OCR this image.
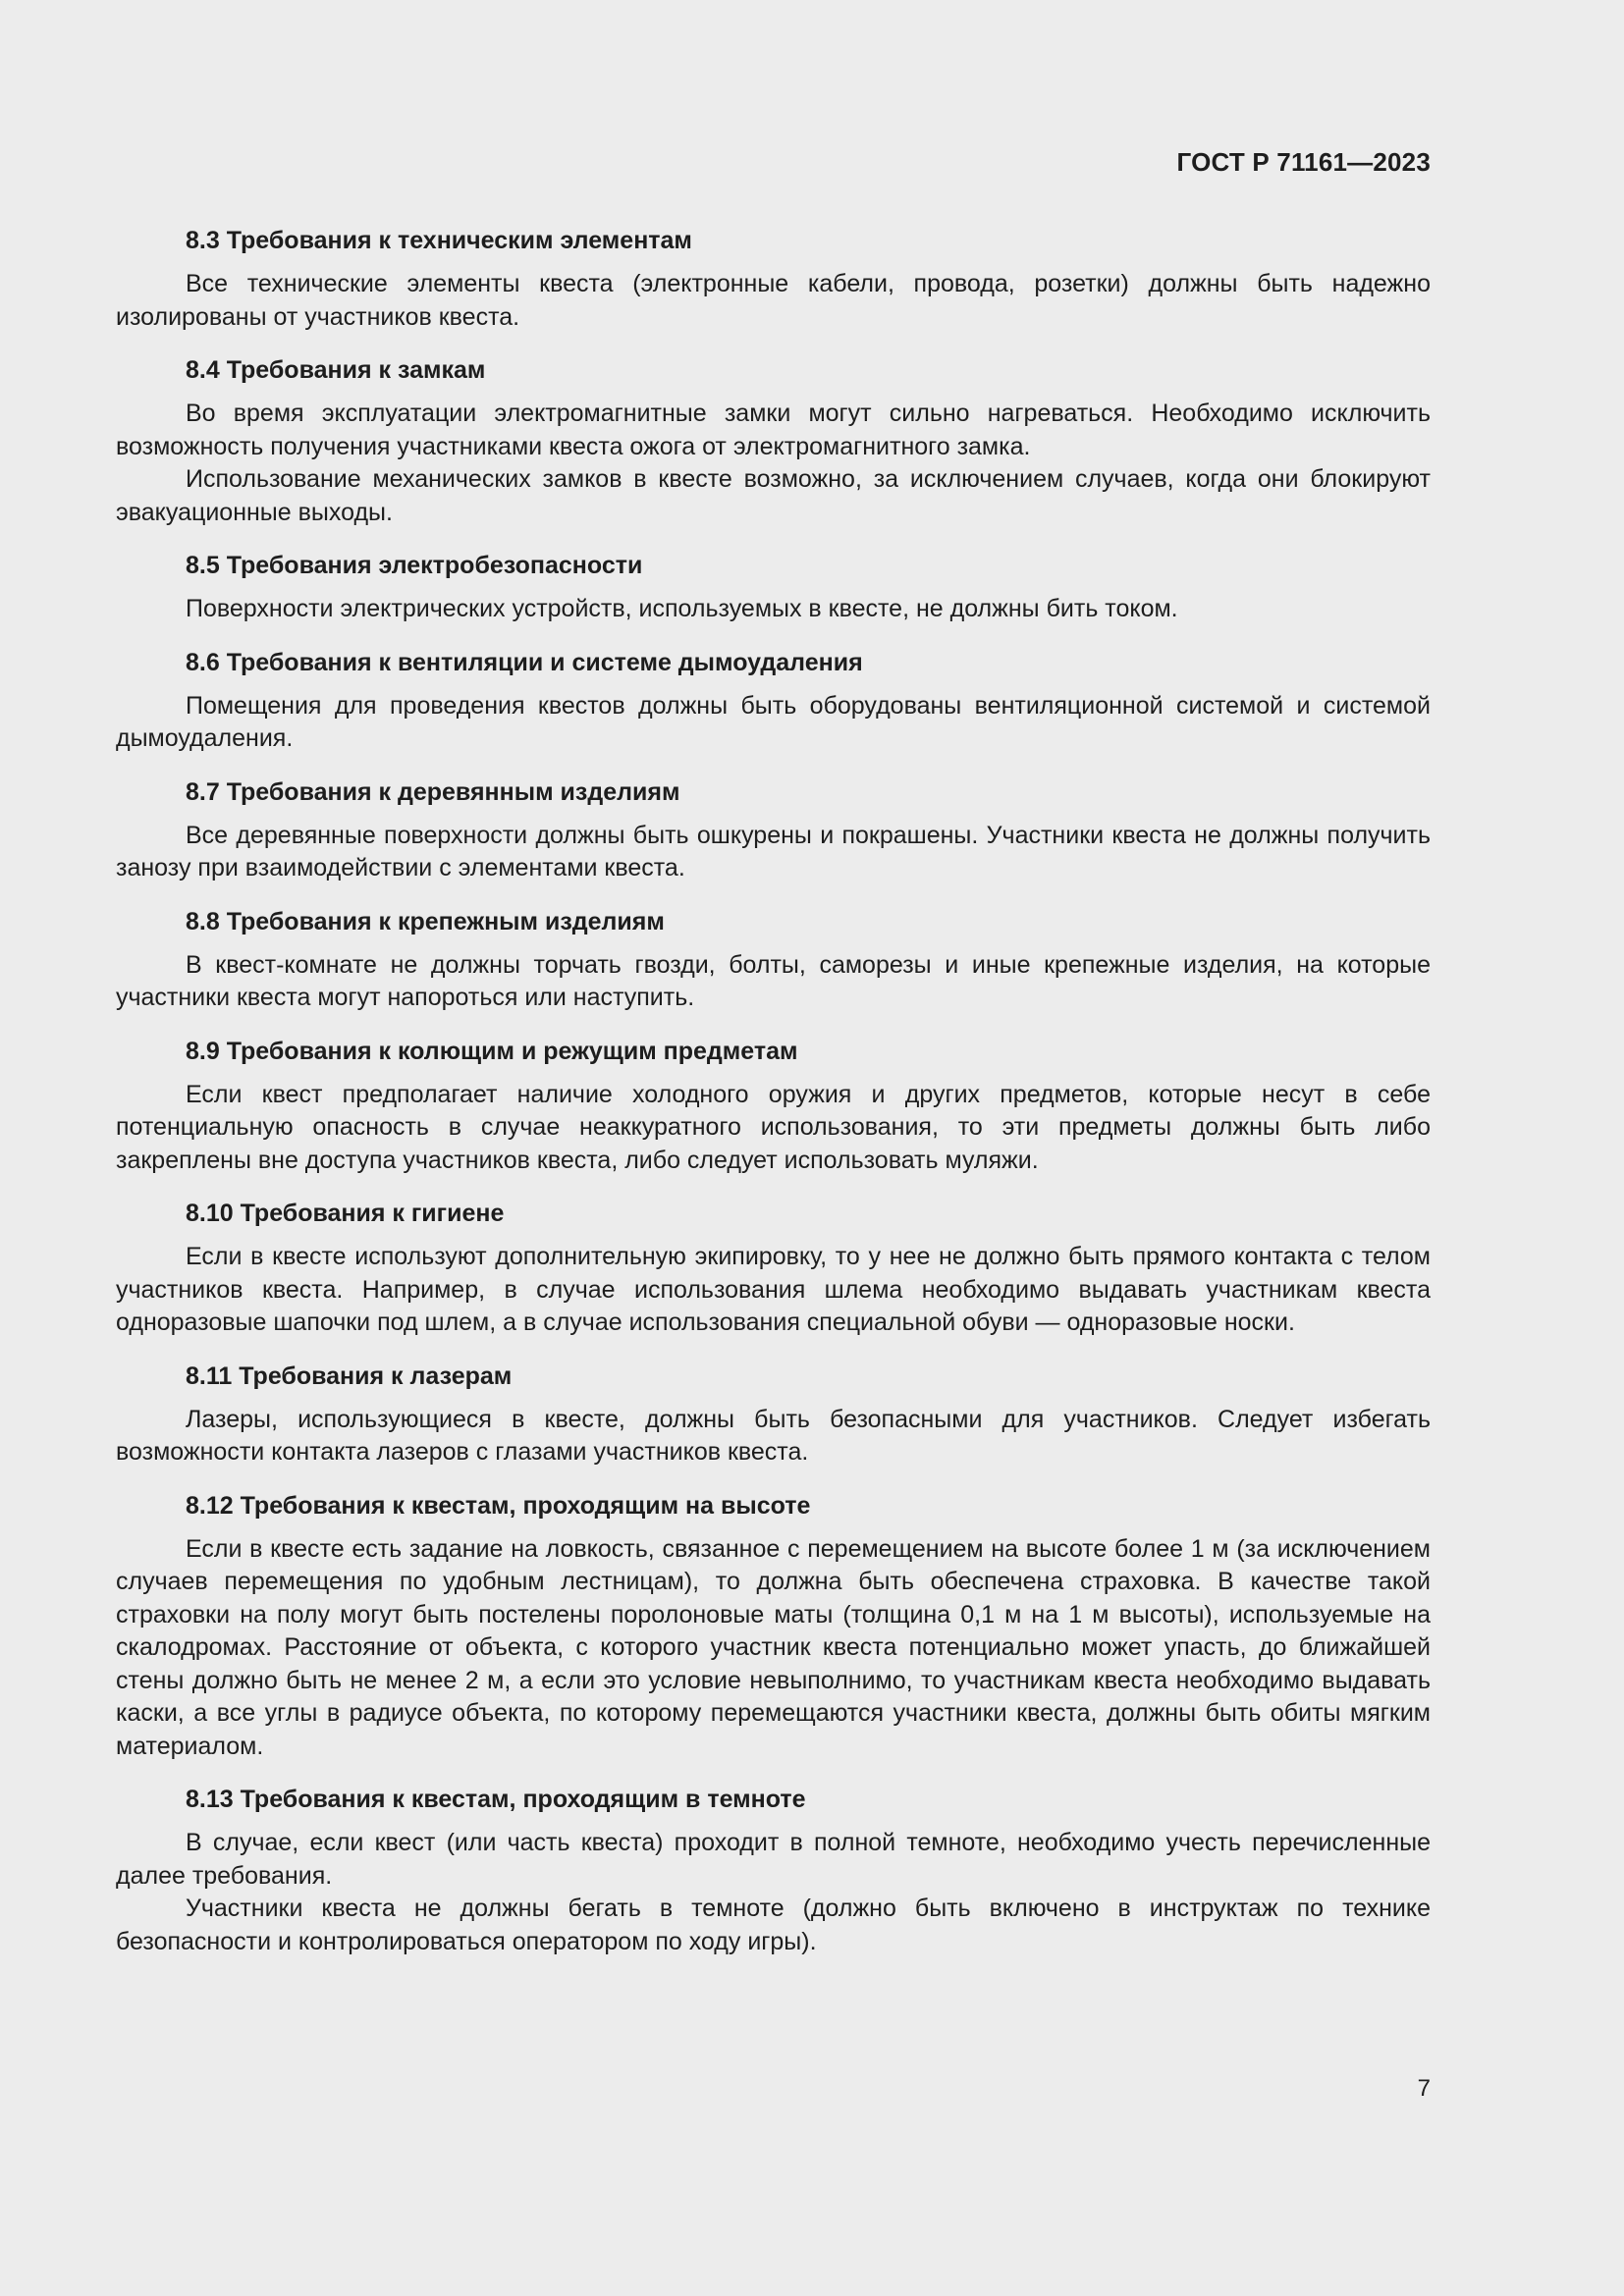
ГОСТ Р 71161—2023
8.3 Требования к техническим элементам

Все технические элементы квеста (электронные кабели, провода, розетки) должны быть надежно изолированы от участников квеста.

8.4 Требования к замкам

Во время эксплуатации электромагнитные замки могут сильно нагреваться. Необходимо исключить возможность получения участниками квеста ожога от электромагнитного замка.

Использование механических замков в квесте возможно, за исключением случаев, когда они блокируют эвакуационные выходы.

8.5 Требования электробезопасности

Поверхности электрических устройств, используемых в квесте, не должны бить током.

8.6 Требования к вентиляции и системе дымоудаления

Помещения для проведения квестов должны быть оборудованы вентиляционной системой и системой дымоудаления.

8.7 Требования к деревянным изделиям

Все деревянные поверхности должны быть ошкурены и покрашены. Участники квеста не должны получить занозу при взаимодействии с элементами квеста.

8.8 Требования к крепежным изделиям

В квест-комнате не должны торчать гвозди, болты, саморезы и иные крепежные изделия, на которые участники квеста могут напороться или наступить.

8.9 Требования к колющим и режущим предметам

Если квест предполагает наличие холодного оружия и других предметов, которые несут в себе потенциальную опасность в случае неаккуратного использования, то эти предметы должны быть либо закреплены вне доступа участников квеста, либо следует использовать муляжи.

8.10 Требования к гигиене

Если в квесте используют дополнительную экипировку, то у нее не должно быть прямого контакта с телом участников квеста. Например, в случае использования шлема необходимо выдавать участникам квеста одноразовые шапочки под шлем, а в случае использования специальной обуви — одноразовые носки.

8.11 Требования к лазерам

Лазеры, использующиеся в квесте, должны быть безопасными для участников. Следует избегать возможности контакта лазеров с глазами участников квеста.

8.12 Требования к квестам, проходящим на высоте

Если в квесте есть задание на ловкость, связанное с перемещением на высоте более 1 м (за исключением случаев перемещения по удобным лестницам), то должна быть обеспечена страховка. В качестве такой страховки на полу могут быть постелены поролоновые маты (толщина 0,1 м на 1 м высоты), используемые на скалодромах. Расстояние от объекта, с которого участник квеста потенциально может упасть, до ближайшей стены должно быть не менее 2 м, а если это условие невыполнимо, то участникам квеста необходимо выдавать каски, а все углы в радиусе объекта, по которому перемещаются участники квеста, должны быть обиты мягким материалом.

8.13 Требования к квестам, проходящим в темноте

В случае, если квест (или часть квеста) проходит в полной темноте, необходимо учесть перечисленные далее требования.

Участники квеста не должны бегать в темноте (должно быть включено в инструктаж по технике безопасности и контролироваться оператором по ходу игры).

7
